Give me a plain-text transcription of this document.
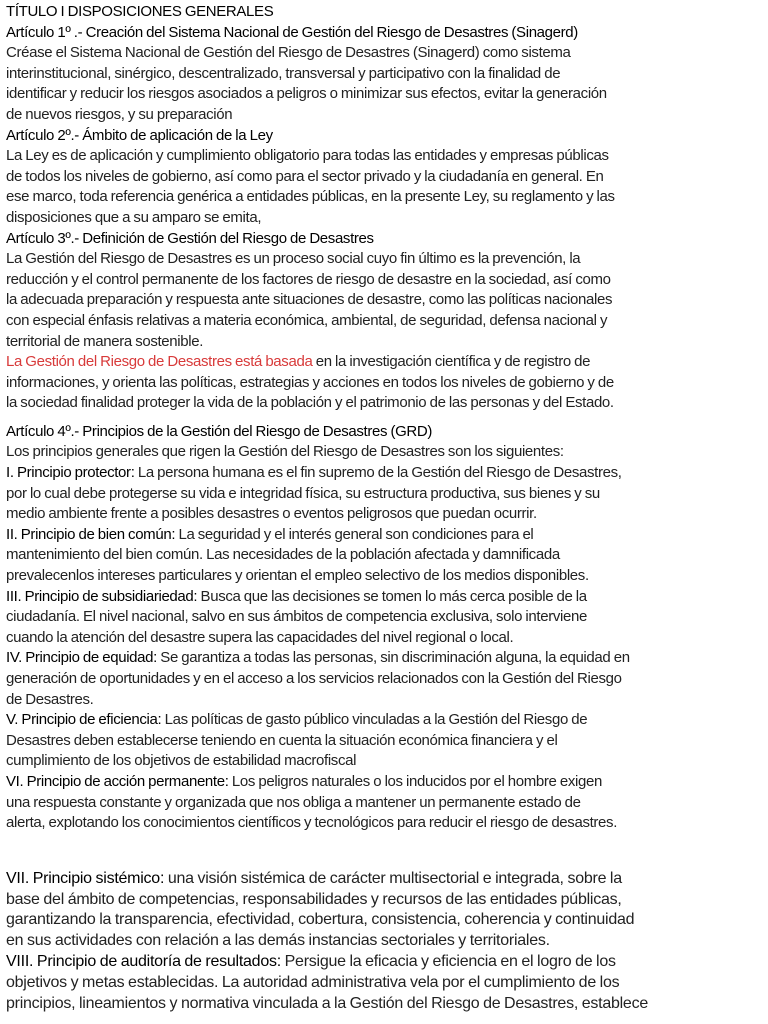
TÍTULO I DISPOSICIONES GENERALES
Artículo 1º .- Creación del Sistema Nacional de Gestión del Riesgo de Desastres (Sinagerd)
Créase el Sistema Nacional de Gestión del Riesgo de Desastres (Sinagerd) como sistema
interinstitucional, sinérgico, descentralizado, transversal y participativo con la finalidad de
identificar y reducir los riesgos asociados a peligros o minimizar sus efectos, evitar la generación
de nuevos riesgos, y su preparación
Artículo 2º.- Ámbito de aplicación de la Ley
La Ley es de aplicación y cumplimiento obligatorio para todas las entidades y empresas públicas
de todos los niveles de gobierno, así como para el sector privado y la ciudadanía en general. En
ese marco, toda referencia genérica a entidades públicas, en la presente Ley, su reglamento y las
disposiciones que a su amparo se emita,
Artículo 3º.- Definición de Gestión del Riesgo de Desastres
La Gestión del Riesgo de Desastres es un proceso social cuyo fin último es la prevención, la
reducción y el control permanente de los factores de riesgo de desastre en la sociedad, así como
la adecuada preparación y respuesta ante situaciones de desastre, como las políticas nacionales
con especial énfasis relativas a materia económica, ambiental, de seguridad, defensa nacional y
territorial de manera sostenible.
La Gestión del Riesgo de Desastres está basada en la investigación científica y de registro de
informaciones, y orienta las políticas, estrategias y acciones en todos los niveles de gobierno y de
la sociedad finalidad proteger la vida de la población y el patrimonio de las personas y del Estado.
Artículo 4º.- Principios de la Gestión del Riesgo de Desastres (GRD)
Los principios generales que rigen la Gestión del Riesgo de Desastres son los siguientes:
I. Principio protector: La persona humana es el fin supremo de la Gestión del Riesgo de Desastres,
por lo cual debe protegerse su vida e integridad física, su estructura productiva, sus bienes y su
medio ambiente frente a posibles desastres o eventos peligrosos que puedan ocurrir.
II. Principio de bien común: La seguridad y el interés general son condiciones para el
mantenimiento del bien común. Las necesidades de la población afectada y damnificada
prevalecenlos intereses particulares y orientan el empleo selectivo de los medios disponibles.
III. Principio de subsidiariedad: Busca que las decisiones se tomen lo más cerca posible de la
ciudadanía. El nivel nacional, salvo en sus ámbitos de competencia exclusiva, solo interviene
cuando la atención del desastre supera las capacidades del nivel regional o local.
IV. Principio de equidad: Se garantiza a todas las personas, sin discriminación alguna, la equidad en
generación de oportunidades y en el acceso a los servicios relacionados con la Gestión del Riesgo
de Desastres.
V. Principio de eficiencia: Las políticas de gasto público vinculadas a la Gestión del Riesgo de
Desastres deben establecerse teniendo en cuenta la situación económica financiera y el
cumplimiento de los objetivos de estabilidad macrofiscal
VI. Principio de acción permanente: Los peligros naturales o los inducidos por el hombre exigen
una respuesta constante y organizada que nos obliga a mantener un permanente estado de
alerta, explotando los conocimientos científicos y tecnológicos para reducir el riesgo de desastres.
VII. Principio sistémico: una visión sistémica de carácter multisectorial e integrada, sobre la
base del ámbito de competencias, responsabilidades y recursos de las entidades públicas,
garantizando la transparencia, efectividad, cobertura, consistencia, coherencia y continuidad
en sus actividades con relación a las demás instancias sectoriales y territoriales.
VIII. Principio de auditoría de resultados: Persigue la eficacia y eficiencia en el logro de los
objetivos y metas establecidas. La autoridad administrativa vela por el cumplimiento de los
principios, lineamientos y normativa vinculada a la Gestión del Riesgo de Desastres, establece
